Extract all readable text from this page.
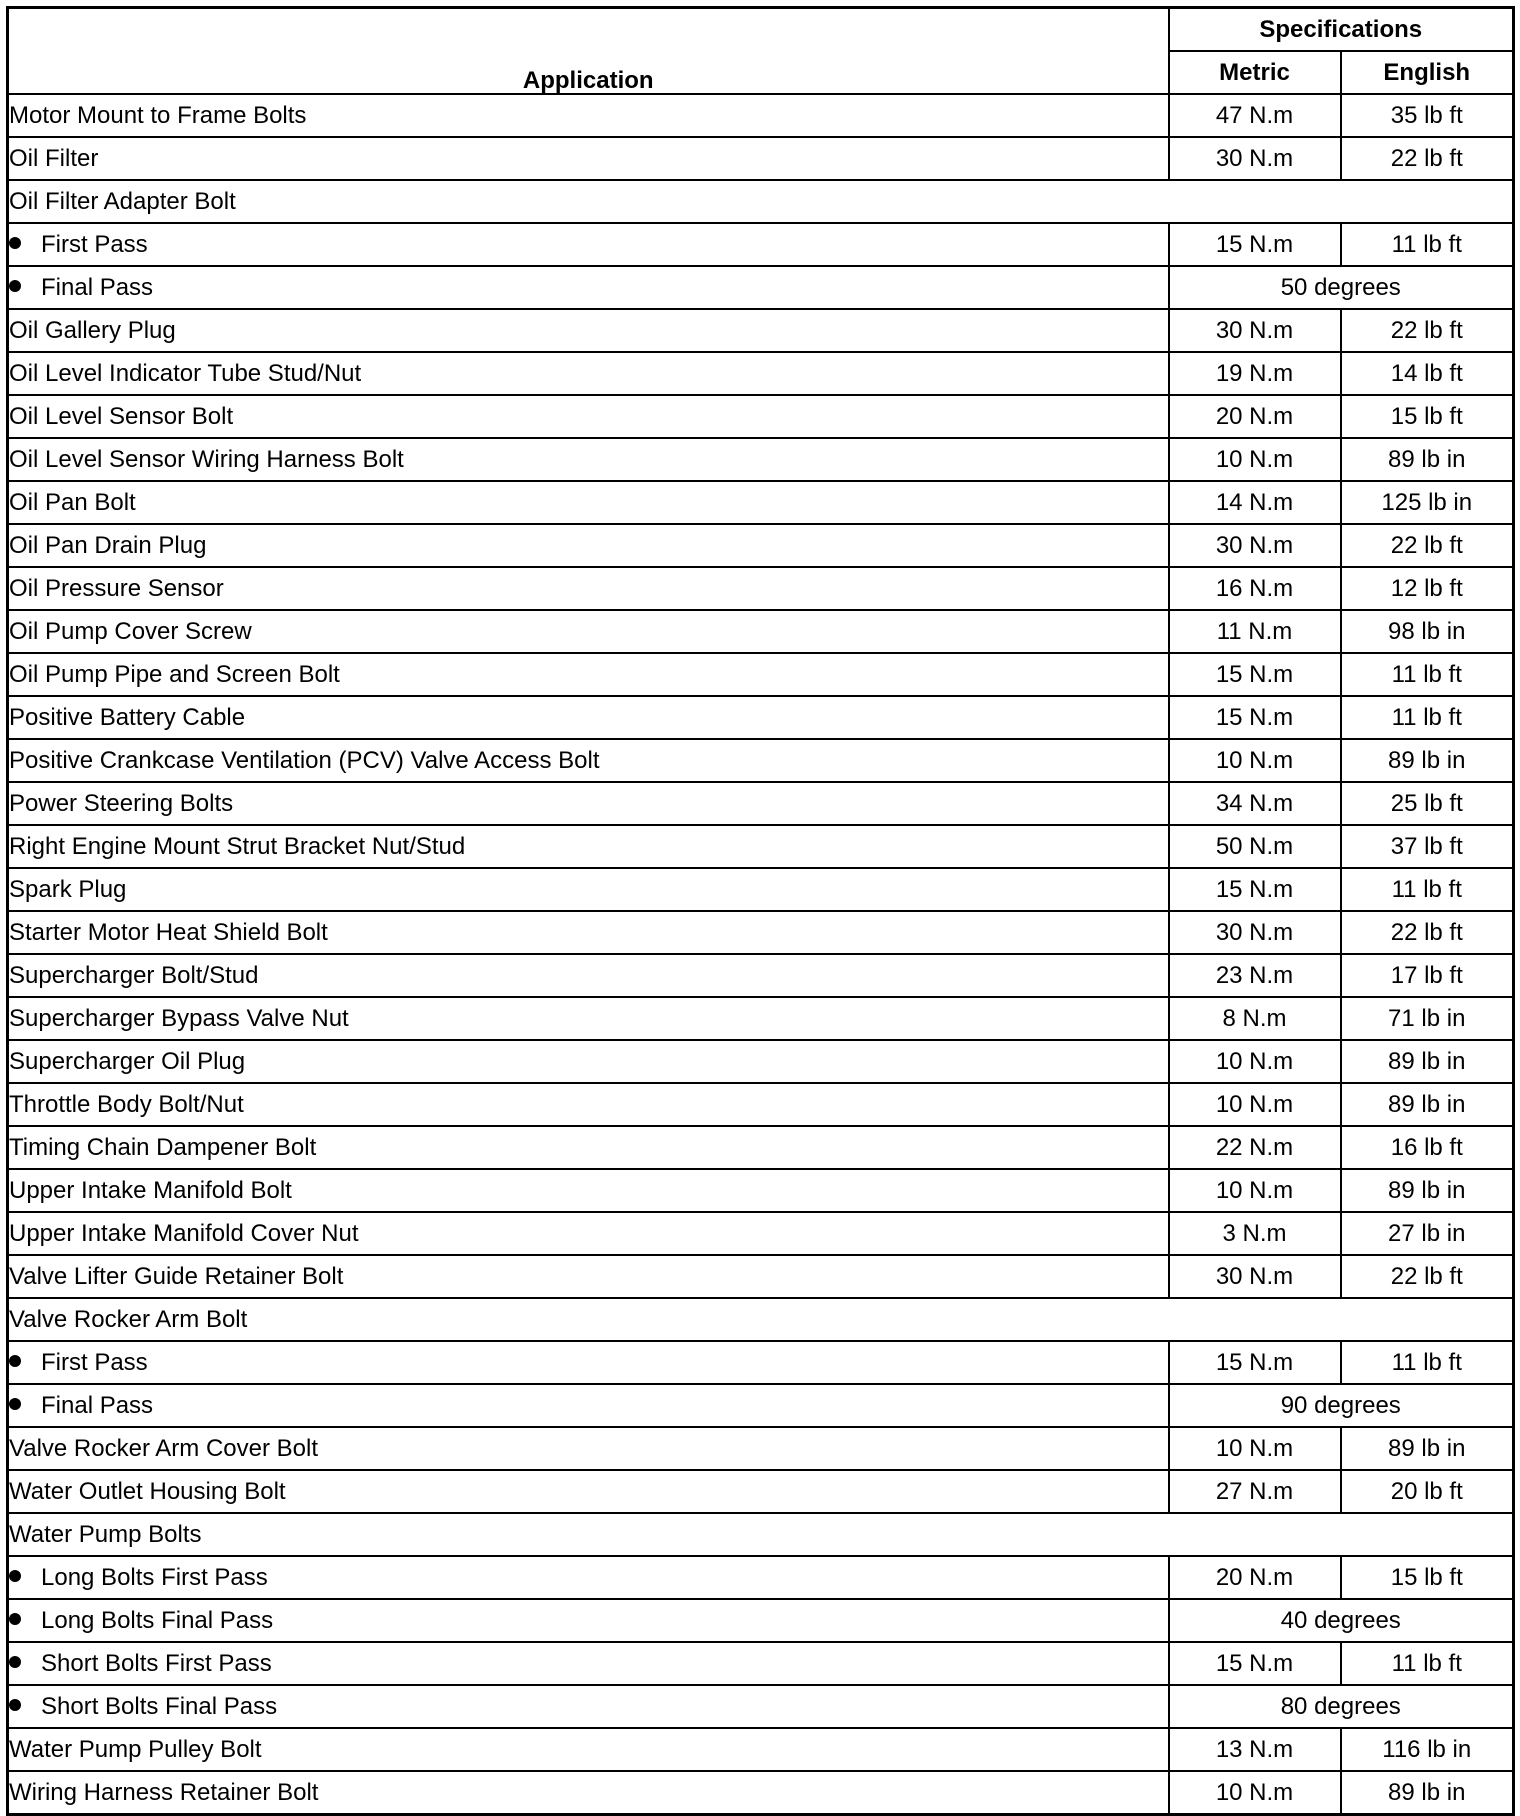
Application	Specifications	
	Metric	English
Motor Mount to Frame Bolts	47 N.m	35 lb ft
Oil Filter	30 N.m	22 lb ft
Oil Filter Adapter Bolt		
First Pass	15 N.m	11 lb ft
Final Pass	50 degrees	
Oil Gallery Plug	30 N.m	22 lb ft
Oil Level Indicator Tube Stud/Nut	19 N.m	14 lb ft
Oil Level Sensor Bolt	20 N.m	15 lb ft
Oil Level Sensor Wiring Harness Bolt	10 N.m	89 lb in
Oil Pan Bolt	14 N.m	125 lb in
Oil Pan Drain Plug	30 N.m	22 lb ft
Oil Pressure Sensor	16 N.m	12 lb ft
Oil Pump Cover Screw	11 N.m	98 lb in
Oil Pump Pipe and Screen Bolt	15 N.m	11 lb ft
Positive Battery Cable	15 N.m	11 lb ft
Positive Crankcase Ventilation (PCV) Valve Access Bolt	10 N.m	89 lb in
Power Steering Bolts	34 N.m	25 lb ft
Right Engine Mount Strut Bracket Nut/Stud	50 N.m	37 lb ft
Spark Plug	15 N.m	11 lb ft
Starter Motor Heat Shield Bolt	30 N.m	22 lb ft
Supercharger Bolt/Stud	23 N.m	17 lb ft
Supercharger Bypass Valve Nut	8 N.m	71 lb in
Supercharger Oil Plug	10 N.m	89 lb in
Throttle Body Bolt/Nut	10 N.m	89 lb in
Timing Chain Dampener Bolt	22 N.m	16 lb ft
Upper Intake Manifold Bolt	10 N.m	89 lb in
Upper Intake Manifold Cover Nut	3 N.m	27 lb in
Valve Lifter Guide Retainer Bolt	30 N.m	22 lb ft
Valve Rocker Arm Bolt		
First Pass	15 N.m	11 lb ft
Final Pass	90 degrees	
Valve Rocker Arm Cover Bolt	10 N.m	89 lb in
Water Outlet Housing Bolt	27 N.m	20 lb ft
Water Pump Bolts		
Long Bolts First Pass	20 N.m	15 lb ft
Long Bolts Final Pass	40 degrees	
Short Bolts First Pass	15 N.m	11 lb ft
Short Bolts Final Pass	80 degrees	
Water Pump Pulley Bolt	13 N.m	116 lb in
Wiring Harness Retainer Bolt	10 N.m	89 lb in
